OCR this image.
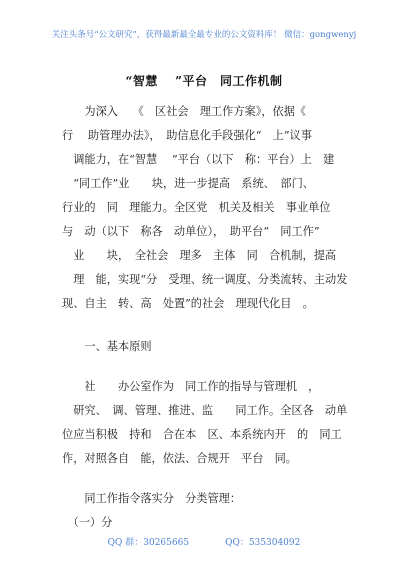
关注头条号“公文研究”，获得最新最全最专业的公文资料库！ 微信：gongwenyj
“智慧　 ”平台　同工作机制
　　为深入　 《　区社会　理工作方案》，依据《
行　 助管理办法》，　助信息化手段强化“　上”议事
　调能力，在“智慧　 ”平台（以下　称：平台）上　建
　“同工作”业　　块，进一步提高　系统、　部门、
行业的　同　理能力。全区党　机关及相关　事业单位
与　动（以下　称各　动单位），　助平台“　同工作”
　业　　块，　全社会　理多　主体　同　合机制，提高
　理　能，实现“分　受理、统一调度、分类流转、主动发
现、自主　转、高　处置”的社会　理现代化目　。
　　一、基本原则
　　社　　办公室作为　同工作的指导与管理机　，
　研究、　调、管理、推进、监　　同工作。全区各　动单
位应当积极　持和　合在本　区、本系统内开　的　同工
作，对照各自　能，依法、合规开　平台　同。
　　同工作指令落实分　分类管理：
　（一）分
QQ 群：30265665　　　　QQ：535304092
